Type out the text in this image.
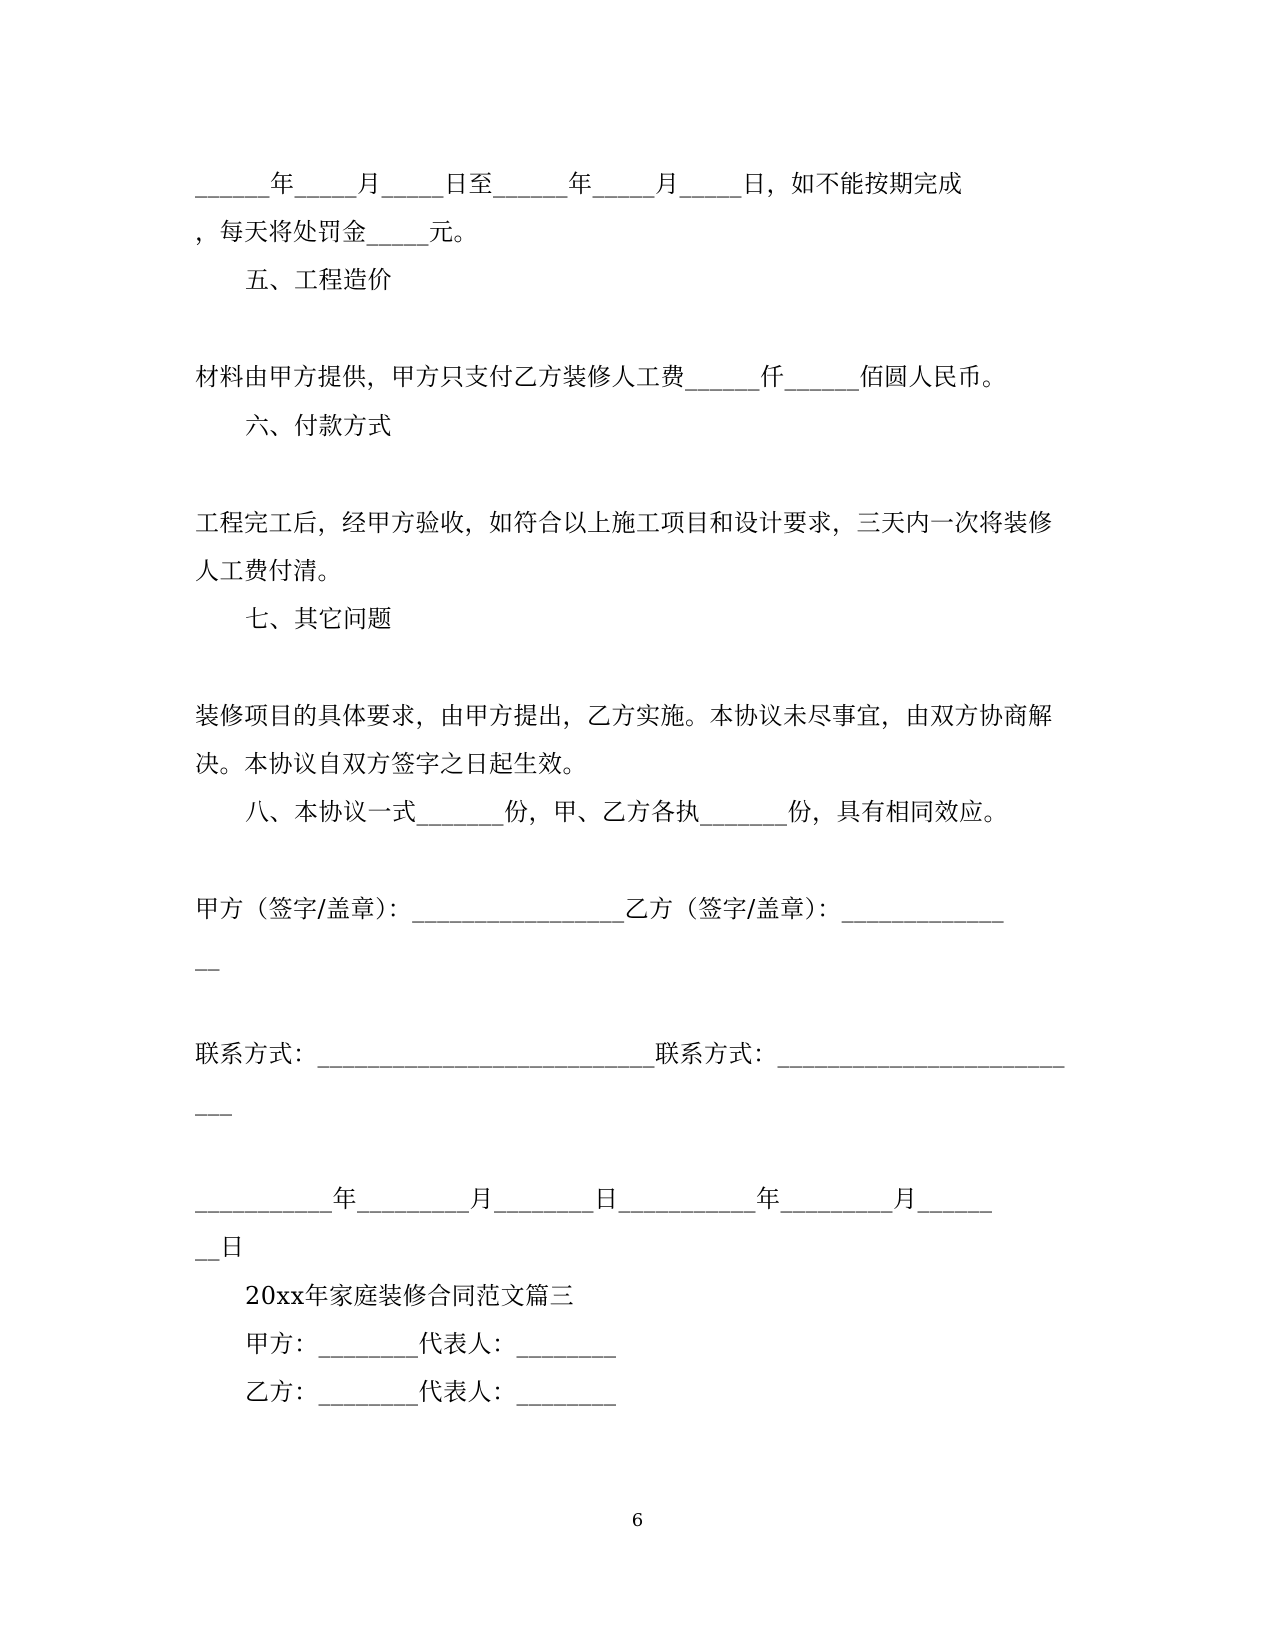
______年_____月_____日至______年_____月_____日，如不能按期完成
，每天将处罚金_____元。
五、工程造价
材料由甲方提供，甲方只支付乙方装修人工费______仟______佰圆人民币。
六、付款方式
工程完工后，经甲方验收，如符合以上施工项目和设计要求，三天内一次将装修
人工费付清。
七、其它问题
装修项目的具体要求，由甲方提出，乙方实施。本协议未尽事宜，由双方协商解
决。本协议自双方签字之日起生效。
八、本协议一式_______份，甲、乙方各执_______份，具有相同效应。
甲方（签字/盖章）：_________________乙方（签字/盖章）：_____________
__
联系方式：___________________________联系方式：_______________________
___
___________年_________月________日___________年_________月______
__日
20xx年家庭装修合同范文篇三
甲方：________代表人：________
乙方：________代表人：________
6
